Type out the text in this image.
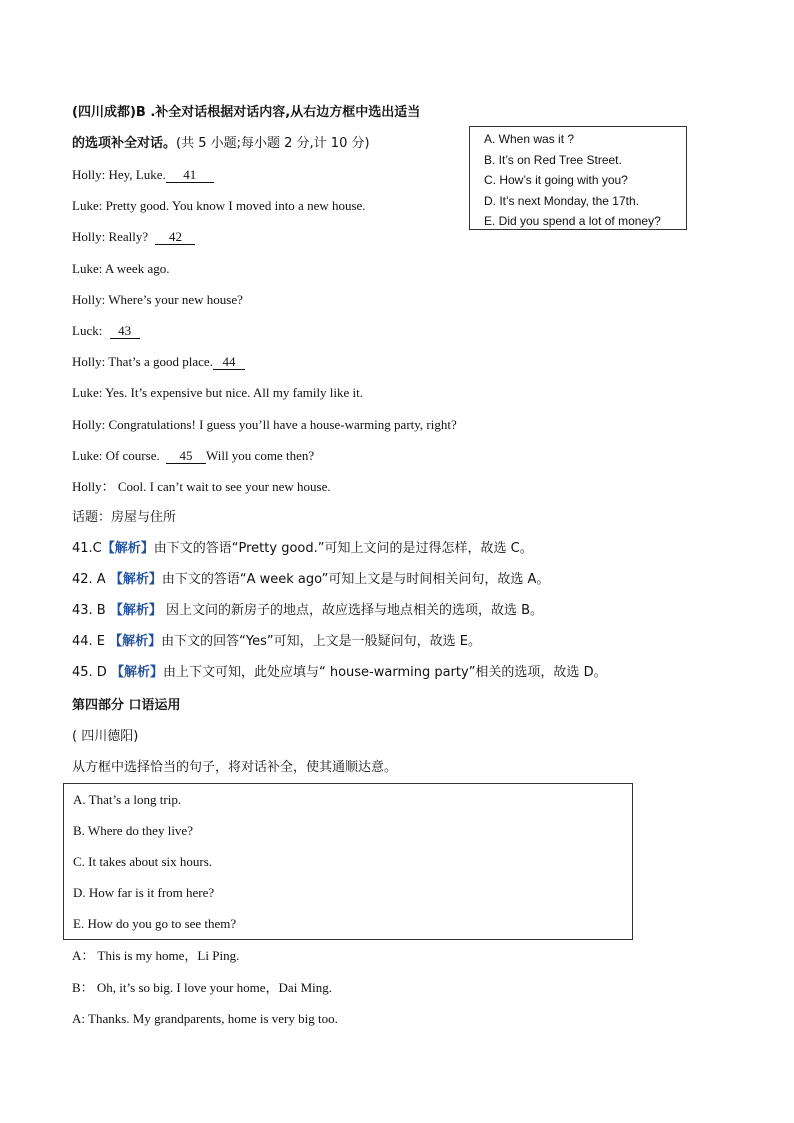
(四川成都)B .补全对话根据对话内容,从右边方框中选出适当
的选项补全对话。(共 5 小题;每小题 2 分,计 10 分)	A. When was it ?
B. It’s on Red Tree Street.
C. How’s it going with you?
D. It’s next Monday, the 17th.
E. Did you spend a lot of money?
Holly: Hey, Luke. 41
Luke: Pretty good. You know I moved into a new house.
Holly: Really? 42
Luke: A week ago.
Holly: Where’s your new house?
Luck: 43
Holly: That’s a good place. 44
Luke: Yes. It’s expensive but nice. All my family like it.
Holly: Congratulations! I guess you’ll have a house-warming party, right?
Luke: Of course. 45 Will you come then?
Holly： Cool. I can’t wait to see your new house.
话题：房屋与住所
41.C【解析】由下文的答语“Pretty good.”可知上文问的是过得怎样，故选 C。
42. A 【解析】由下文的答语“A week ago”可知上文是与时间相关问句，故选 A。
43. B 【解析】 因上文问的新房子的地点，故应选择与地点相关的选项，故选 B。
44. E 【解析】由下文的回答“Yes”可知，上文是一般疑问句，故选 E。
45. D 【解析】由上下文可知，此处应填与“ house-warming party”相关的选项，故选 D。
第四部分 口语运用
( 四川德阳)
从方框中选择恰当的句子，将对话补全，使其通顺达意。
A. That’s a long trip.
B. Where do they live?
C. It takes about six hours.
D. How far is it from here?
E. How do you go to see them?
A： This is my home，Li Ping.
B： Oh, it’s so big. I love your home，Dai Ming.
A: Thanks. My grandparents, home is very big too.
